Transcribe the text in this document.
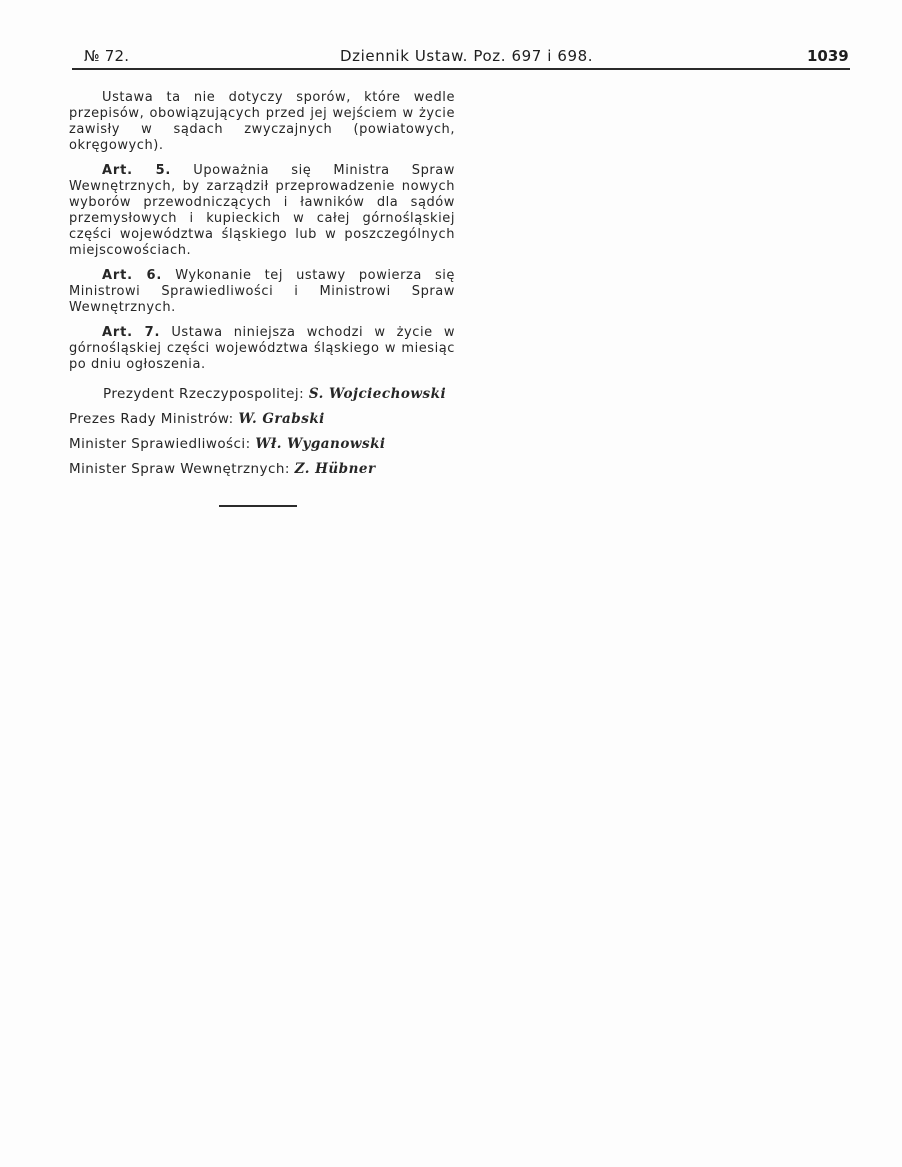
№ 72.	Dziennik Ustaw. Poz. 697 i 698.	1039

Ustawa ta nie dotyczy sporów, które wedle przepisów, obowiązujących przed jej wejściem w życie zawisły w sądach zwyczajnych (powiatowych, okręgowych).

Art. 5. Upoważnia się Ministra Spraw Wewnętrznych, by zarządził przeprowadzenie nowych wyborów przewodniczących i ławników dla sądów przemysłowych i kupieckich w całej górnośląskiej części województwa śląskiego lub w poszczególnych miejscowościach.

Art. 6. Wykonanie tej ustawy powierza się Ministrowi Sprawiedliwości i Ministrowi Spraw Wewnętrznych.

Art. 7. Ustawa niniejsza wchodzi w życie w górnośląskiej części województwa śląskiego w miesiąc po dniu ogłoszenia.

Prezydent Rzeczypospolitej: S. Wojciechowski

Prezes Rady Ministrów: W. Grabski

Minister Sprawiedliwości: Wł. Wyganowski

Minister Spraw Wewnętrznych: Z. Hübner
